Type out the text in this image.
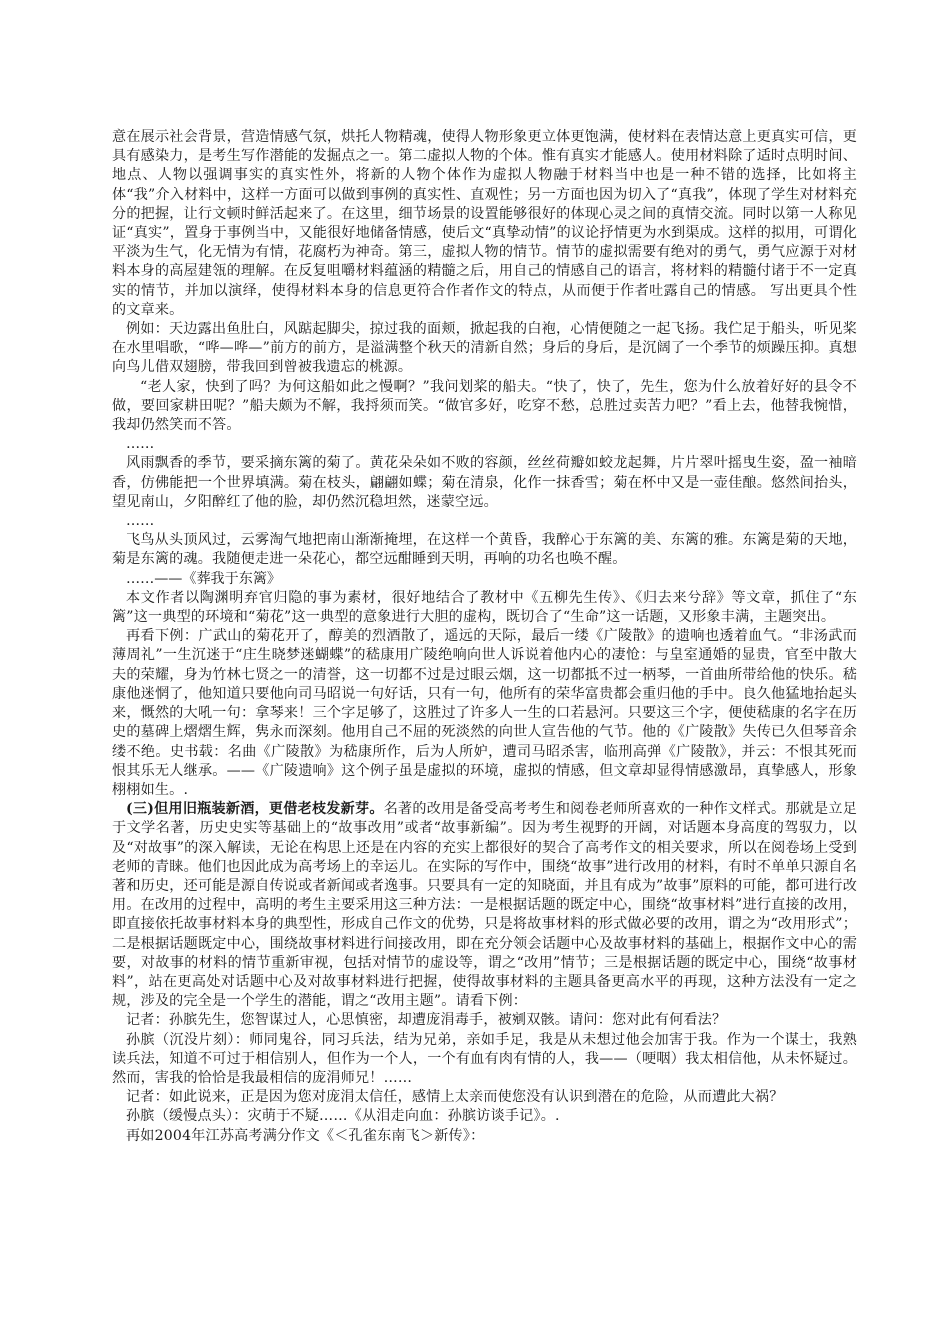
意在展示社会背景，营造情感气氛，烘托人物精魂，使得人物形象更立体更饱满，使材料在表情达意上更真实可信，更具有感染力，是考生写作潜能的发掘点之一。第二虚拟人物的个体。惟有真实才能感人。使用材料除了适时点明时间、地点、人物以强调事实的真实性外，将新的人物个体作为虚拟人物融于材料当中也是一种不错的选择，比如将主体“我”介入材料中，这样一方面可以做到事例的真实性、直观性；另一方面也因为切入了“真我”，体现了学生对材料充分的把握，让行文顿时鲜活起来了。在这里，细节场景的设置能够很好的体现心灵之间的真情交流。同时以第一人称见证“真实”，置身于事例当中，又能很好地储备情感，使后文“真挚动情”的议论抒情更为水到渠成。这样的拟用，可谓化平淡为生气，化无情为有情，花腐朽为神奇。第三，虚拟人物的情节。情节的虚拟需要有绝对的勇气，勇气应源于对材料本身的高屋建瓴的理解。在反复咀嚼材料蕴涵的精髓之后，用自己的情感自己的语言，将材料的精髓付诸于不一定真实的情节，并加以演绎，使得材料本身的信息更符合作者作文的特点，从而便于作者吐露自己的情感。 写出更具个性的文章来。

例如：天边露出鱼肚白，风踮起脚尖，掠过我的面颊，掀起我的白袍，心情便随之一起飞扬。我伫足于船头，听见桨在水里唱歌，“哗—哗—”前方的前方，是溢满整个秋天的清新自然；身后的身后，是沉阔了一个季节的烦躁压抑。真想向鸟儿借双翅膀，带我回到曾被我遗忘的桃源。

“老人家，快到了吗？为何这船如此之慢啊？”我问划桨的船夫。“快了，快了，先生，您为什么放着好好的县令不做，要回家耕田呢？”船夫颇为不解，我捋须而笑。“做官多好，吃穿不愁，总胜过卖苦力吧？”看上去，他替我惋惜，我却仍然笑而不答。

……

风雨飘香的季节，要采摘东篱的菊了。黄花朵朵如不败的容颜，丝丝荷瓣如蛟龙起舞，片片翠叶摇曳生姿，盈一袖暗香，仿佛能把一个世界填满。菊在枝头，翩翩如蝶；菊在清泉，化作一抹香雪；菊在杯中又是一壶佳酿。悠然间抬头，望见南山，夕阳醉红了他的脸，却仍然沉稳坦然，迷蒙空远。

……

飞鸟从头顶风过，云雾淘气地把南山渐渐掩埋，在这样一个黄昏，我醉心于东篱的美、东篱的雅。东篱是菊的天地，菊是东篱的魂。我随便走进一朵花心，都空远酣睡到天明，再响的功名也唤不醒。

……——《葬我于东篱》

本文作者以陶渊明弃官归隐的事为素材，很好地结合了教材中《五柳先生传》、《归去来兮辞》等文章，抓住了“东篱”这一典型的环境和“菊花”这一典型的意象进行大胆的虚构，既切合了“生命”这一话题，又形象丰满，主题突出。

再看下例：广武山的菊花开了，醇美的烈酒散了，遥远的天际，最后一缕《广陵散》的遗响也透着血气。“非汤武而薄周礼”一生沉迷于“庄生晓梦迷蝴蝶”的嵇康用广陵绝响向世人诉说着他内心的凄怆：与皇室通婚的显贵，官至中散大夫的荣耀，身为竹林七贤之一的清誉，这一切都不过是过眼云烟，这一切都抵不过一柄琴，一首曲所带给他的快乐。嵇康他迷惘了，他知道只要他向司马昭说一句好话，只有一句，他所有的荣华富贵都会重归他的手中。良久他猛地抬起头来，慨然的大吼一句：拿琴来！三个字足够了，这胜过了许多人一生的口若悬河。只要这三个字，便使嵇康的名字在历史的墓碑上熠熠生辉，隽永而深刻。他用自己不屈的死淡然的向世人宣告他的气节。他的《广陵散》失传已久但琴音余缕不绝。史书载：名曲《广陵散》为嵇康所作，后为人所妒，遭司马昭杀害，临刑高弹《广陵散》，并云：不恨其死而恨其乐无人继承。——《广陵遗响》这个例子虽是虚拟的环境，虚拟的情感，但文章却显得情感激昂，真挚感人，形象栩栩如生。.

(三)但用旧瓶装新酒，更借老枝发新芽。名著的改用是备受高考考生和阅卷老师所喜欢的一种作文样式。那就是立足于文学名著，历史史实等基础上的“故事改用”或者“故事新编”。因为考生视野的开阔，对话题本身高度的驾驭力，以及“对故事”的深入解读，无论在构思上还是在内容的充实上都很好的契合了高考作文的相关要求，所以在阅卷场上受到老师的青睐。他们也因此成为高考场上的幸运儿。在实际的写作中，围绕“故事”进行改用的材料，有时不单单只源自名著和历史，还可能是源自传说或者新闻或者逸事。只要具有一定的知晓面，并且有成为”故事”原料的可能，都可进行改用。在改用的过程中，高明的考生主要采用这三种方法：一是根据话题的既定中心，围绕“故事材料”进行直接的改用，即直接依托故事材料本身的典型性，形成自己作文的优势，只是将故事材料的形式做必要的改用，谓之为“改用形式”；二是根据话题既定中心，围绕故事材料进行间接改用，即在充分领会话题中心及故事材料的基础上，根据作文中心的需要，对故事的材料的情节重新审视，包括对情节的虚设等，谓之“改用”情节；三是根据话题的既定中心，围绕“故事材料”，站在更高处对话题中心及对故事材料进行把握，使得故事材料的主题具备更高水平的再现，这种方法没有一定之规，涉及的完全是一个学生的潜能，谓之“改用主题”。请看下例：

记者：孙膑先生，您智谋过人，心思慎密，却遭庞涓毒手，被剜双骸。请问：您对此有何看法？

孙膑（沉没片刻）：师同鬼谷，同习兵法，结为兄弟，亲如手足，我是从未想过他会加害于我。作为一个谋士，我熟读兵法，知道不可过于相信别人，但作为一个人，一个有血有肉有情的人，我——（哽咽）我太相信他，从未怀疑过。然而，害我的恰恰是我最相信的庞涓师兄！……

记者：如此说来，正是因为您对庞涓太信任，感情上太亲而使您没有认识到潜在的危险，从而遭此大祸？

孙膑（缓慢点头）：灾萌于不疑……《从泪走向血：孙膑访谈手记》。.

再如2004年江苏高考满分作文《＜孔雀东南飞＞新传》：
